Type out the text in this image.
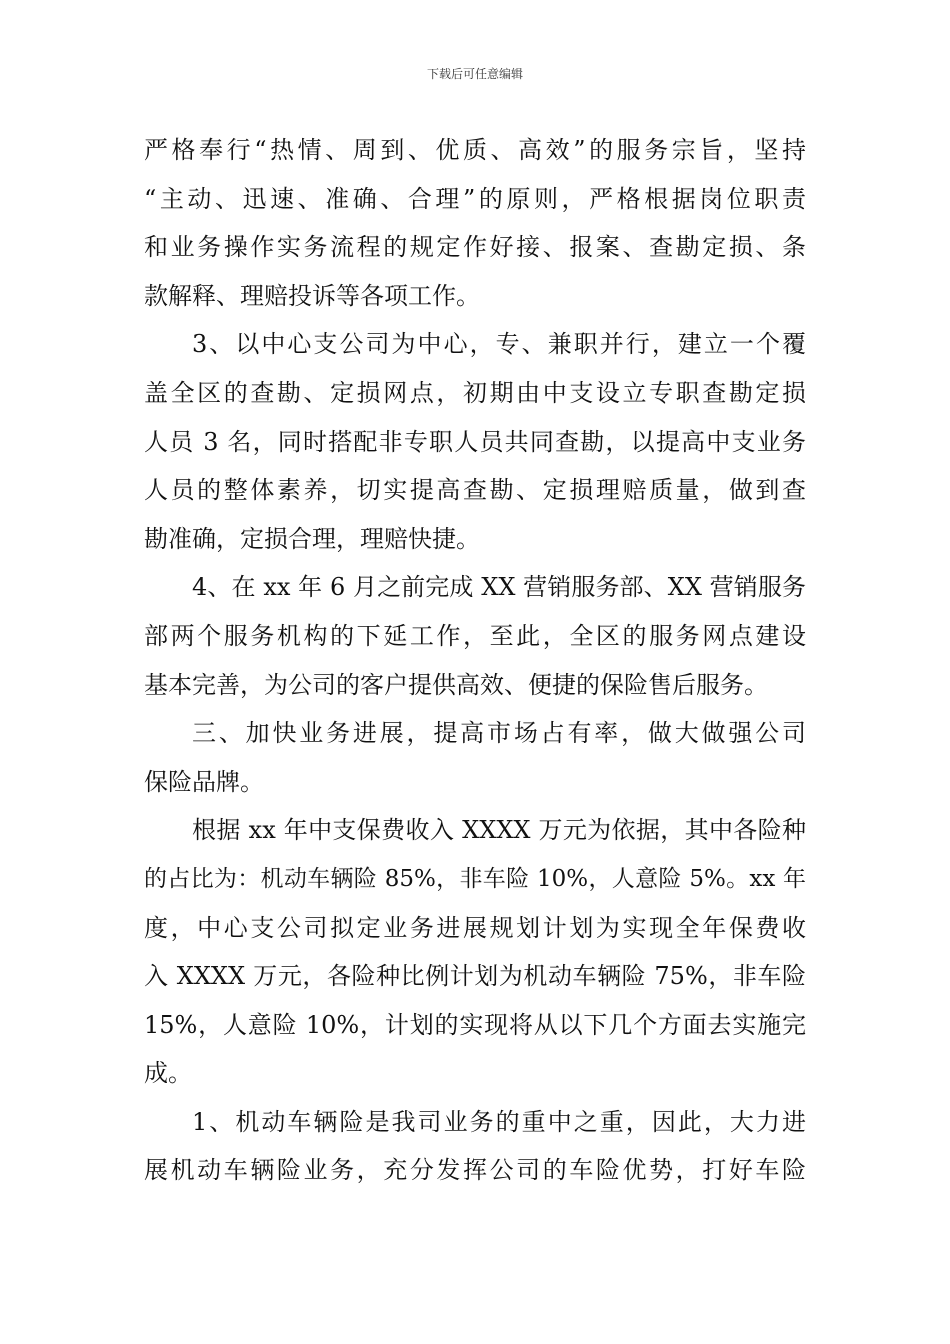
下载后可任意编辑
严格奉行“热情、周到、优质、高效”的服务宗旨，坚持
“主动、迅速、准确、合理”的原则，严格根据岗位职责
和业务操作实务流程的规定作好接、报案、查勘定损、条
款解释、理赔投诉等各项工作。
3、以中心支公司为中心，专、兼职并行，建立一个覆
盖全区的查勘、定损网点，初期由中支设立专职查勘定损
人员 3 名，同时搭配非专职人员共同查勘，以提高中支业务
人员的整体素养，切实提高查勘、定损理赔质量，做到查
勘准确，定损合理，理赔快捷。
4、在 xx 年 6 月之前完成 XX 营销服务部、XX 营销服务
部两个服务机构的下延工作，至此，全区的服务网点建设
基本完善，为公司的客户提供高效、便捷的保险售后服务。
三、加快业务进展，提高市场占有率，做大做强公司
保险品牌。
根据 xx 年中支保费收入 XXXX 万元为依据，其中各险种
的占比为：机动车辆险 85%，非车险 10%，人意险 5%。xx 年
度，中心支公司拟定业务进展规划计划为实现全年保费收
入 XXXX 万元，各险种比例计划为机动车辆险 75%，非车险
15%，人意险 10%，计划的实现将从以下几个方面去实施完
成。
1、机动车辆险是我司业务的重中之重，因此，大力进
展机动车辆险业务，充分发挥公司的车险优势，打好车险
